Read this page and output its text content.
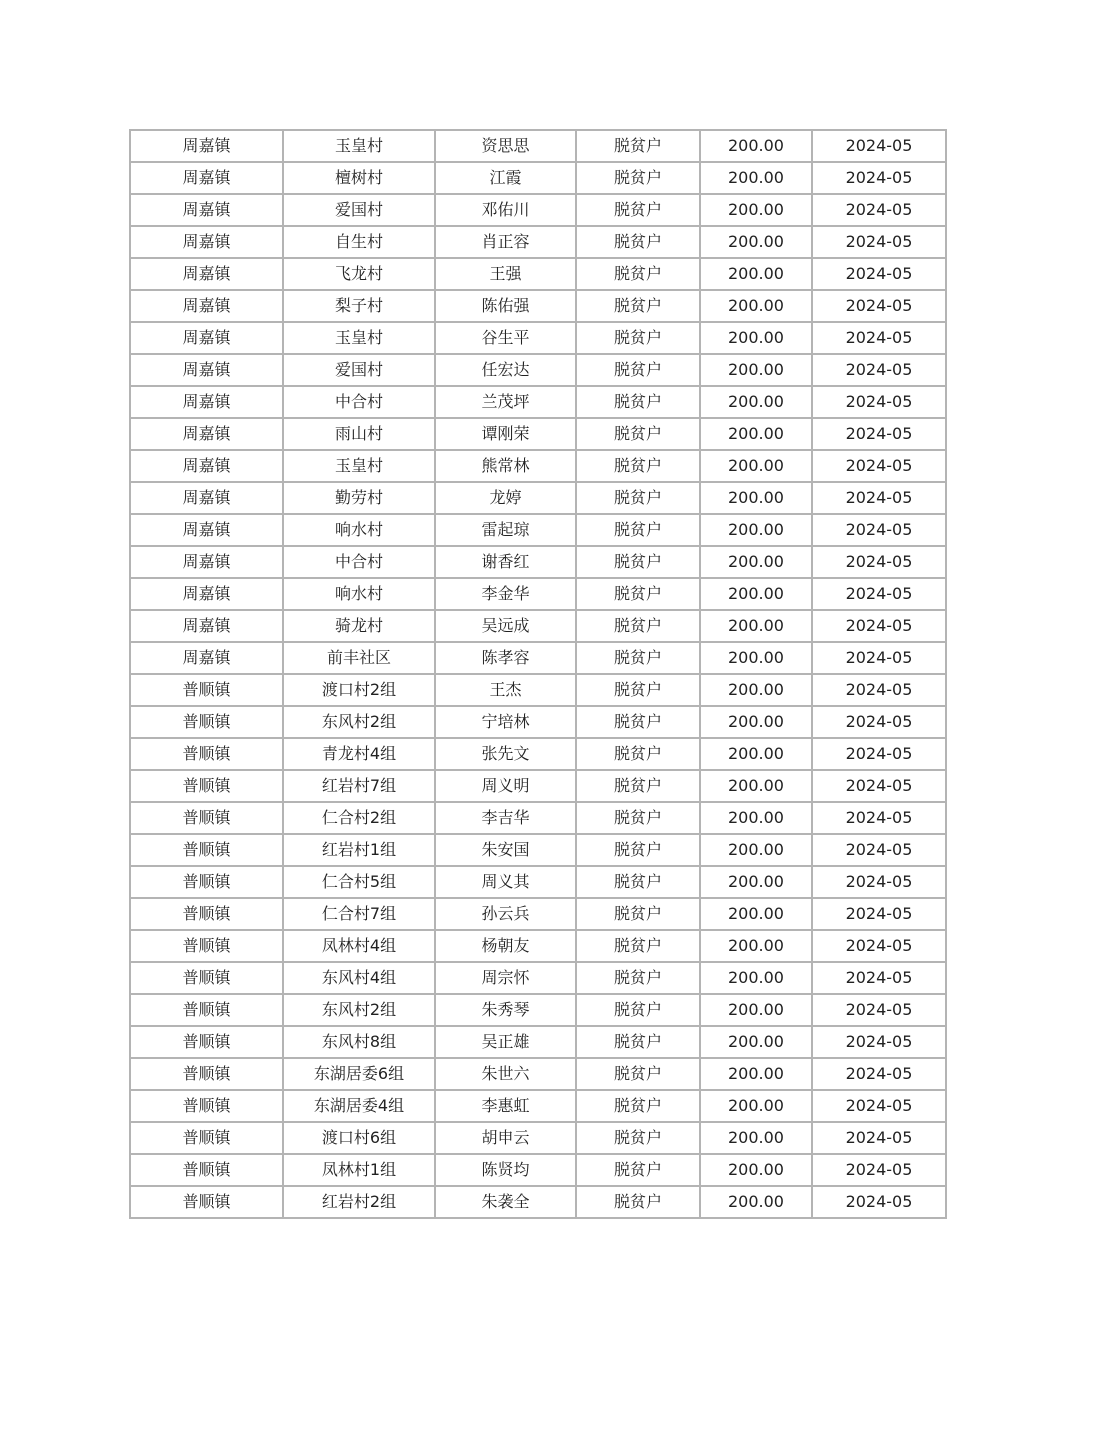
周嘉镇	玉皇村	资思思	脱贫户	200.00	2024-05
周嘉镇	檀树村	江霞	脱贫户	200.00	2024-05
周嘉镇	爱国村	邓佑川	脱贫户	200.00	2024-05
周嘉镇	自生村	肖正容	脱贫户	200.00	2024-05
周嘉镇	飞龙村	王强	脱贫户	200.00	2024-05
周嘉镇	梨子村	陈佑强	脱贫户	200.00	2024-05
周嘉镇	玉皇村	谷生平	脱贫户	200.00	2024-05
周嘉镇	爱国村	任宏达	脱贫户	200.00	2024-05
周嘉镇	中合村	兰茂坪	脱贫户	200.00	2024-05
周嘉镇	雨山村	谭刚荣	脱贫户	200.00	2024-05
周嘉镇	玉皇村	熊常林	脱贫户	200.00	2024-05
周嘉镇	勤劳村	龙婷	脱贫户	200.00	2024-05
周嘉镇	响水村	雷起琼	脱贫户	200.00	2024-05
周嘉镇	中合村	谢香红	脱贫户	200.00	2024-05
周嘉镇	响水村	李金华	脱贫户	200.00	2024-05
周嘉镇	骑龙村	吴远成	脱贫户	200.00	2024-05
周嘉镇	前丰社区	陈孝容	脱贫户	200.00	2024-05
普顺镇	渡口村2组	王杰	脱贫户	200.00	2024-05
普顺镇	东风村2组	宁培林	脱贫户	200.00	2024-05
普顺镇	青龙村4组	张先文	脱贫户	200.00	2024-05
普顺镇	红岩村7组	周义明	脱贫户	200.00	2024-05
普顺镇	仁合村2组	李吉华	脱贫户	200.00	2024-05
普顺镇	红岩村1组	朱安国	脱贫户	200.00	2024-05
普顺镇	仁合村5组	周义其	脱贫户	200.00	2024-05
普顺镇	仁合村7组	孙云兵	脱贫户	200.00	2024-05
普顺镇	凤林村4组	杨朝友	脱贫户	200.00	2024-05
普顺镇	东风村4组	周宗怀	脱贫户	200.00	2024-05
普顺镇	东风村2组	朱秀琴	脱贫户	200.00	2024-05
普顺镇	东风村8组	吴正雄	脱贫户	200.00	2024-05
普顺镇	东湖居委6组	朱世六	脱贫户	200.00	2024-05
普顺镇	东湖居委4组	李惠虹	脱贫户	200.00	2024-05
普顺镇	渡口村6组	胡申云	脱贫户	200.00	2024-05
普顺镇	凤林村1组	陈贤均	脱贫户	200.00	2024-05
普顺镇	红岩村2组	朱袭全	脱贫户	200.00	2024-05
